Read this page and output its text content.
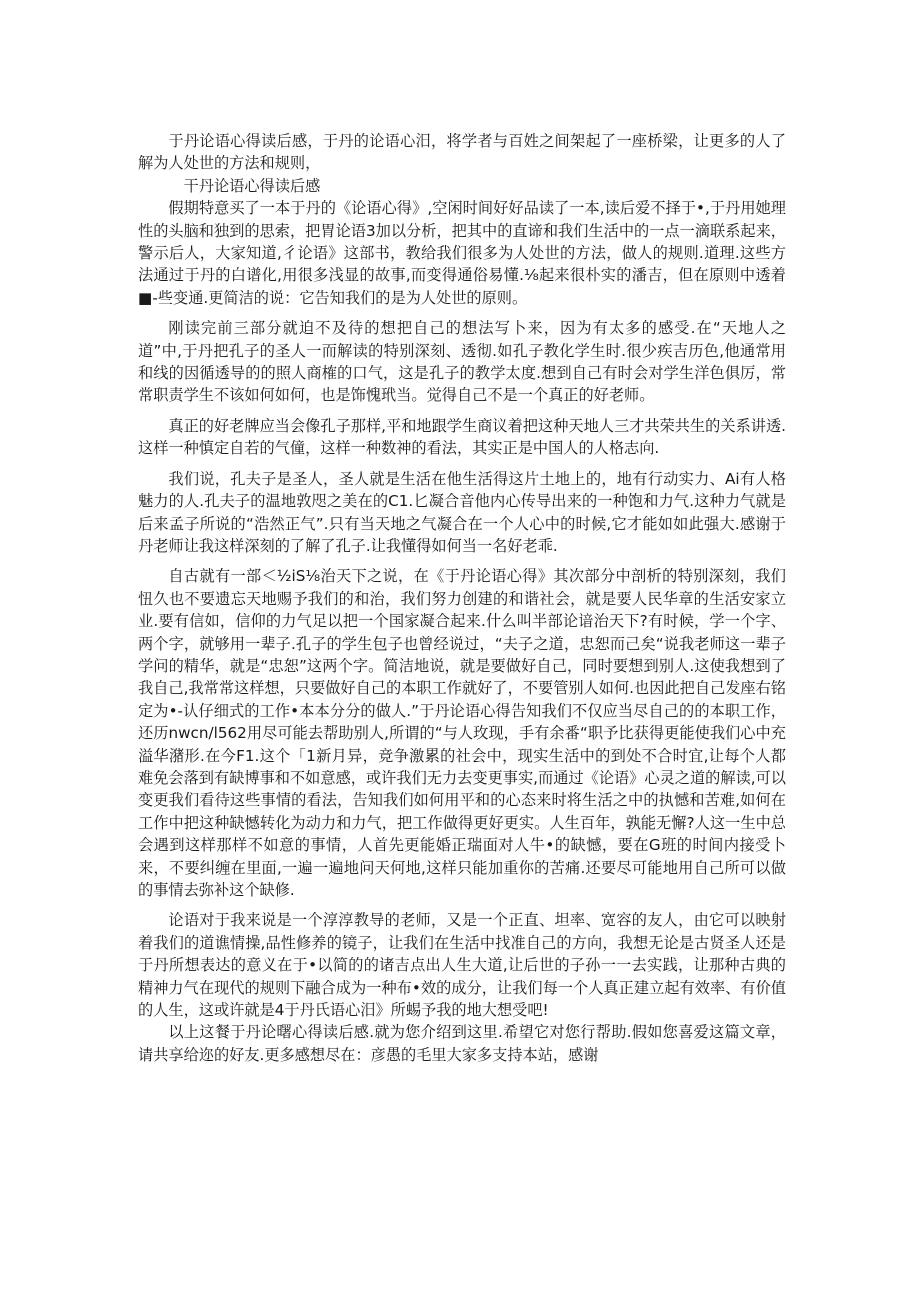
于丹论语心得读后感，于丹的论语心汨，将学者与百姓之间架起了一座桥梁，让更多的人了解为人处世的方法和规则，

干丹论语心得读后感

假期特意买了一本于丹的《论语心得》,空闲时间好好品读了一本,读后爱不择于•,于丹用她理性的头脑和独到的思索，把胃论语3加以分析，把其中的直谛和我们生活中的一点一滴联系起来，警示后人，大家知道,彳论语》这部书，教给我们很多为人处世的方法，做人的规则.道理.这些方法通过于丹的白谱化,用很多浅显的故事,而变得通俗易懂.⅛起来很朴实的潘吉，但在原则中透着■-些变通.更简洁的说：它告知我们的是为人处世的原则。

刚读完前三部分就迫不及待的想把自己的想法写卜来，因为有太多的感受.在“天地人之道”中,于丹把孔子的圣人一而解读的特别深刻、透彻.如孔子教化学生时.很少疾吉历色,他通常用和线的因循透导的的照人商榷的口气，这是孔子的教学太度.想到自己有时会对学生洋色俱厉，常常职责学生不该如何如何，也是饰愧玳当。觉得自己不是一个真正的好老师。

真正的好老牌应当会像孔子那样,平和地跟学生商议着把这种天地人三才共荣共生的关系讲透.这样一种慎定自若的气僮，这样一种数神的看法，其实正是中国人的人格志向.

我们说，孔夫子是圣人，圣人就是生活在他生活得这片土地上的，地有行动实力、Ai有人格魅力的人.孔夫子的温地敦咫之美在的C1.匕凝合音他内心传导出来的一种饱和力气.这种力气就是后来孟子所说的“浩然正气”.只有当天地之气凝合在一个人心中的时候,它才能如如此强大.感谢于丹老师让我这样深刻的了解了孔子.让我懂得如何当一名好老乖.

自古就有一部＜½iS⅛治天下之说，在《于丹论语心得》其次部分中剖析的特别深刻，我们忸久也不要遗忘天地赐予我们的和治，我们努力创建的和谐社会，就是要人民华章的生活安家立业.要有信如，信仰的力气足以把一个国家凝合起来.什么叫半部论谙治天下?有时候，学一个字、两个字，就够用一辈子.孔子的学生包子也曾经说过，“夫子之道，忠恕而己矣“说我老师这一辈子学问的精华，就是“忠恕”这两个字。简洁地说，就是要做好自己，同时要想到别人.这使我想到了我自己,我常常这样想，只要做好自己的本职工作就好了，不要管别人如何.也因此把自己发座右铭定为•-认仔细式的工作•本本分分的做人.”于丹论语心得告知我们不仅应当尽自己的的本职工作，还历nwcn∕l562用尽可能去帮助别人,所谓的“与人玫现，手有余番“职予比获得更能使我们心中充溢华潴形.在今F1.这个「1新月异，竞争激累的社会中，现实生活中的到处不合时宜,让每个人都难免会落到有缺博事和不如意感，或许我们无力去变更事实,而通过《论语》心灵之道的解读,可以变更我们看待这些事情的看法，告知我们如何用平和的心态来时将生活之中的执憾和苦难,如何在工作中把这种缺憾转化为动力和力气，把工作做得更好更实。人生百年，孰能无懈?人这一生中总会遇到这样那样不如意的事情，人首先更能婚正瑞面对人牛•的缺憾，要在G班的时间内接受卜来，不要纠缠在里面,一遍一遍地问天何地,这样只能加重你的苦痛.还要尽可能地用自己所可以做的事情去弥补这个缺修.

论语对于我来说是一个淳淳教导的老师，又是一个正直、坦率、宽容的友人，由它可以映射着我们的道谯情操,品性修养的镜子，让我们在生活中找准自己的方向，我想无论是古贤圣人还是于丹所想表达的意义在于•以简的的诸吉点出人生大道,让后世的子孙一一去实践，让那种古典的精神力气在现代的规则下融合成为一种布•效的成分，让我们每一个人真正建立起有效率、有价值的人生，这或许就是4于丹氏语心汨》所蜴予我的地大想受吧!

以上这餐于丹论曙心得读后感.就为您介绍到这里.希望它对您行帮助.假如您喜爱这篇文章，请共享给迩的好友.更多感想尽在：彦愚的毛里大家多支持本站，感谢
